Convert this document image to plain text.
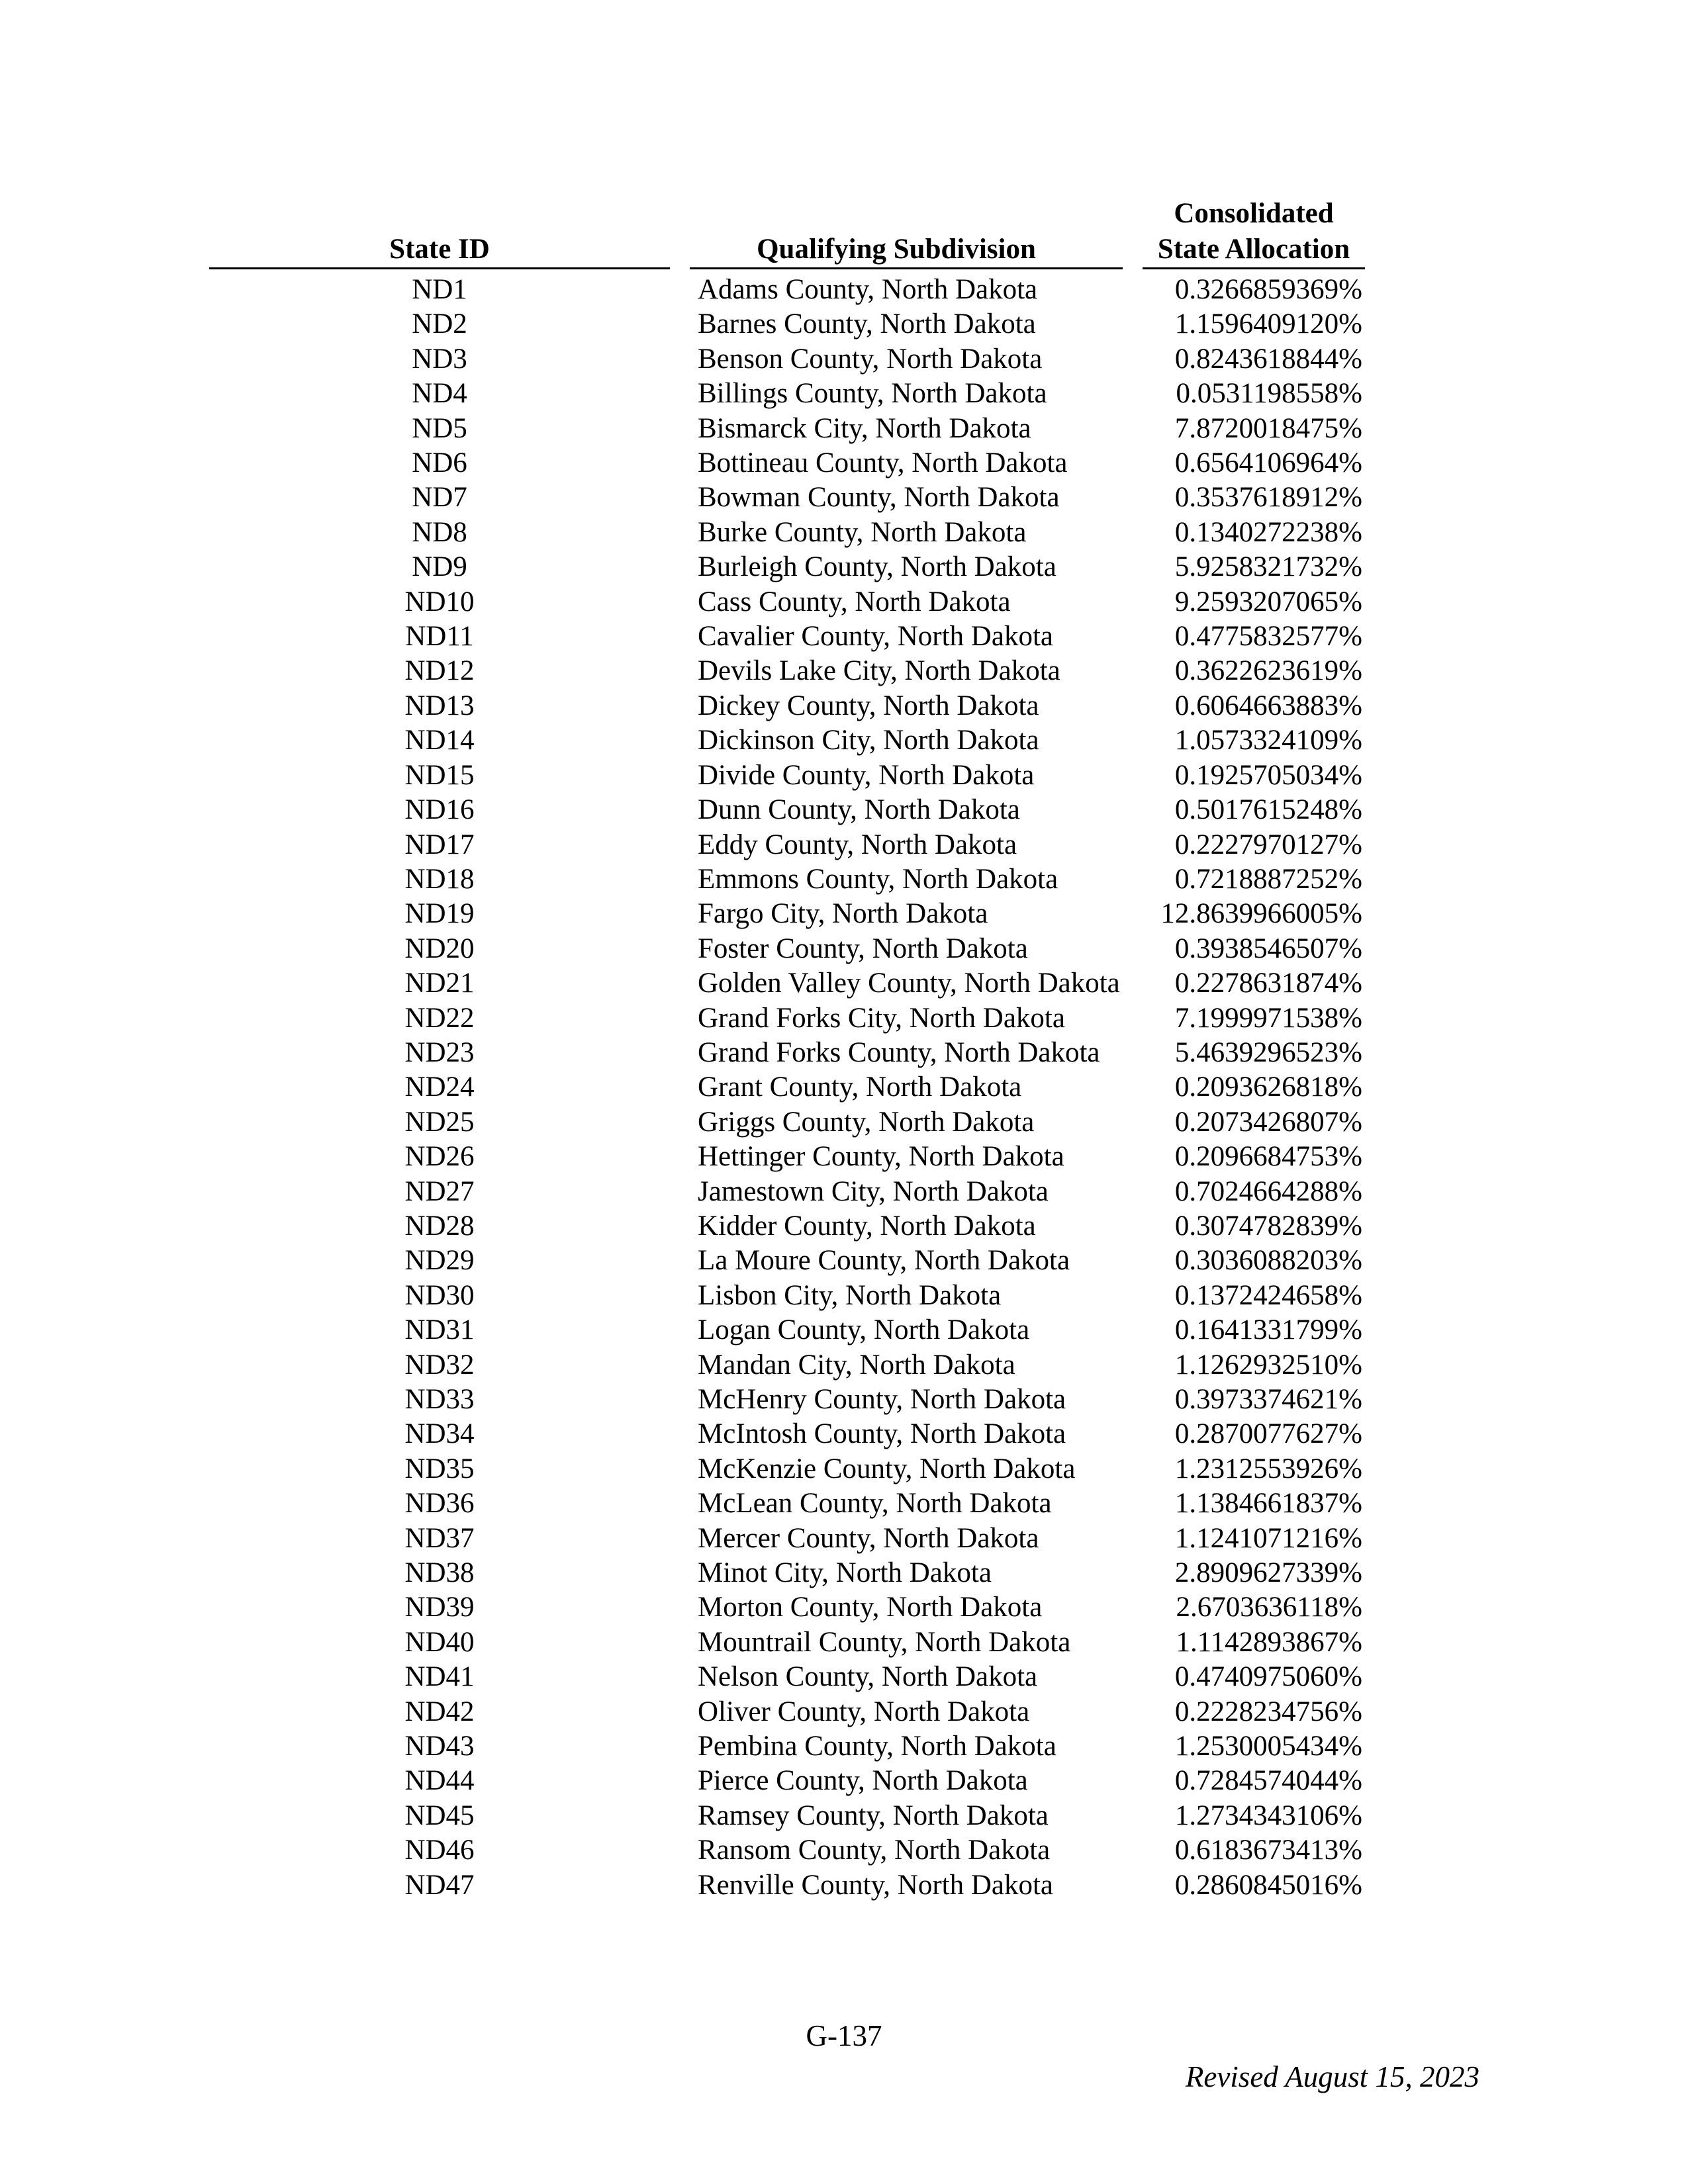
State ID	Qualifying Subdivision
Consolidated
State Allocation
ND1	Adams County, North Dakota	0.3266859369%
ND2	Barnes County, North Dakota	1.1596409120%
ND3	Benson County, North Dakota	0.8243618844%
ND4	Billings County, North Dakota	0.0531198558%
ND5	Bismarck City, North Dakota	7.8720018475%
ND6	Bottineau County, North Dakota	0.6564106964%
ND7	Bowman County, North Dakota	0.3537618912%
ND8	Burke County, North Dakota	0.1340272238%
ND9	Burleigh County, North Dakota	5.9258321732%
ND10	Cass County, North Dakota	9.2593207065%
ND11	Cavalier County, North Dakota	0.4775832577%
ND12	Devils Lake City, North Dakota	0.3622623619%
ND13	Dickey County, North Dakota	0.6064663883%
ND14	Dickinson City, North Dakota	1.0573324109%
ND15	Divide County, North Dakota	0.1925705034%
ND16	Dunn County, North Dakota	0.5017615248%
ND17	Eddy County, North Dakota	0.2227970127%
ND18	Emmons County, North Dakota	0.7218887252%
ND19	Fargo City, North Dakota	12.8639966005%
ND20	Foster County, North Dakota	0.3938546507%
ND21	Golden Valley County, North Dakota	0.2278631874%
ND22	Grand Forks City, North Dakota	7.1999971538%
ND23	Grand Forks County, North Dakota	5.4639296523%
ND24	Grant County, North Dakota	0.2093626818%
ND25	Griggs County, North Dakota	0.2073426807%
ND26	Hettinger County, North Dakota	0.2096684753%
ND27	Jamestown City, North Dakota	0.7024664288%
ND28	Kidder County, North Dakota	0.3074782839%
ND29	La Moure County, North Dakota	0.3036088203%
ND30	Lisbon City, North Dakota	0.1372424658%
ND31	Logan County, North Dakota	0.1641331799%
ND32	Mandan City, North Dakota	1.1262932510%
ND33	McHenry County, North Dakota	0.3973374621%
ND34	McIntosh County, North Dakota	0.2870077627%
ND35	McKenzie County, North Dakota	1.2312553926%
ND36	McLean County, North Dakota	1.1384661837%
ND37	Mercer County, North Dakota	1.1241071216%
ND38	Minot City, North Dakota	2.8909627339%
ND39	Morton County, North Dakota	2.6703636118%
ND40	Mountrail County, North Dakota	1.1142893867%
ND41	Nelson County, North Dakota	0.4740975060%
ND42	Oliver County, North Dakota	0.2228234756%
ND43	Pembina County, North Dakota	1.2530005434%
ND44	Pierce County, North Dakota	0.7284574044%
ND45	Ramsey County, North Dakota	1.2734343106%
ND46	Ransom County, North Dakota	0.6183673413%
ND47	Renville County, North Dakota	0.2860845016%
G-137
Revised August 15, 2023
